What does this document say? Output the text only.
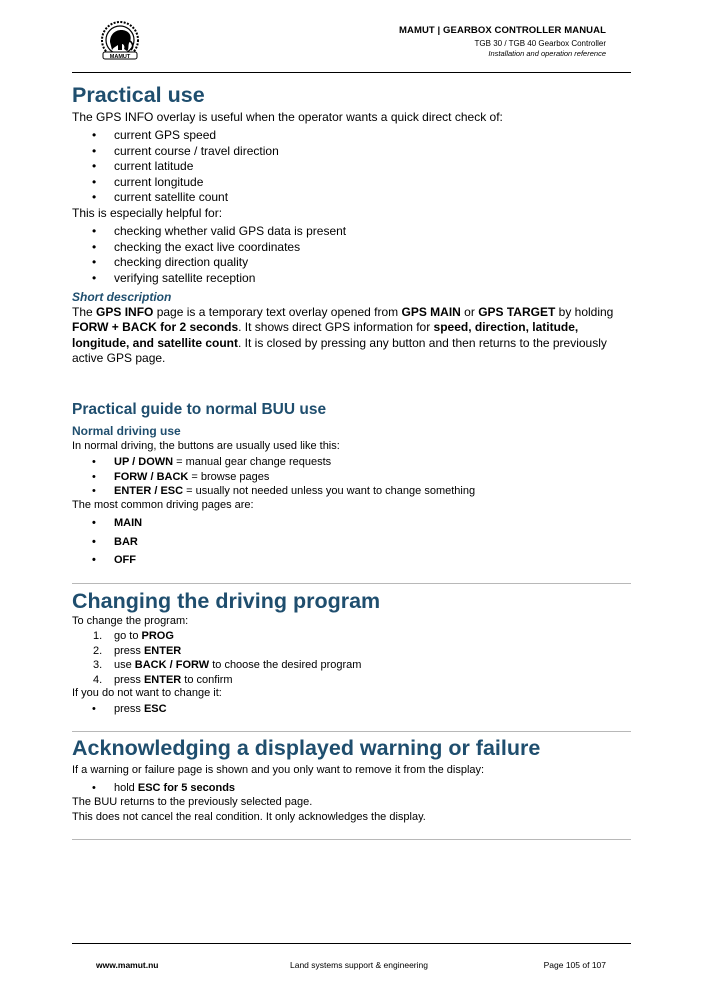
MAMUT
MAMUT | GEARBOX CONTROLLER MANUAL
TGB 30 / TGB 40 Gearbox Controller
Installation and operation reference
Practical use
The GPS INFO overlay is useful when the operator wants a quick direct check of:
• current GPS speed
• current course / travel direction
• current latitude
• current longitude
• current satellite count
This is especially helpful for:
• checking whether valid GPS data is present
• checking the exact live coordinates
• checking direction quality
• verifying satellite reception
Short description
The GPS INFO page is a temporary text overlay opened from GPS MAIN or GPS TARGET by holding FORW + BACK for 2 seconds. It shows direct GPS information for speed, direction, latitude, longitude, and satellite count. It is closed by pressing any button and then returns to the previously active GPS page.
Practical guide to normal BUU use
Normal driving use
In normal driving, the buttons are usually used like this:
• UP / DOWN = manual gear change requests
• FORW / BACK = browse pages
• ENTER / ESC = usually not needed unless you want to change something
The most common driving pages are:
• MAIN
• BAR
• OFF
Changing the driving program
To change the program:
1. go to PROG
2. press ENTER
3. use BACK / FORW to choose the desired program
4. press ENTER to confirm
If you do not want to change it:
• press ESC
Acknowledging a displayed warning or failure
If a warning or failure page is shown and you only want to remove it from the display:
• hold ESC for 5 seconds
The BUU returns to the previously selected page.
This does not cancel the real condition. It only acknowledges the display.
www.mamut.nu	Land systems support & engineering	Page 105 of 107
